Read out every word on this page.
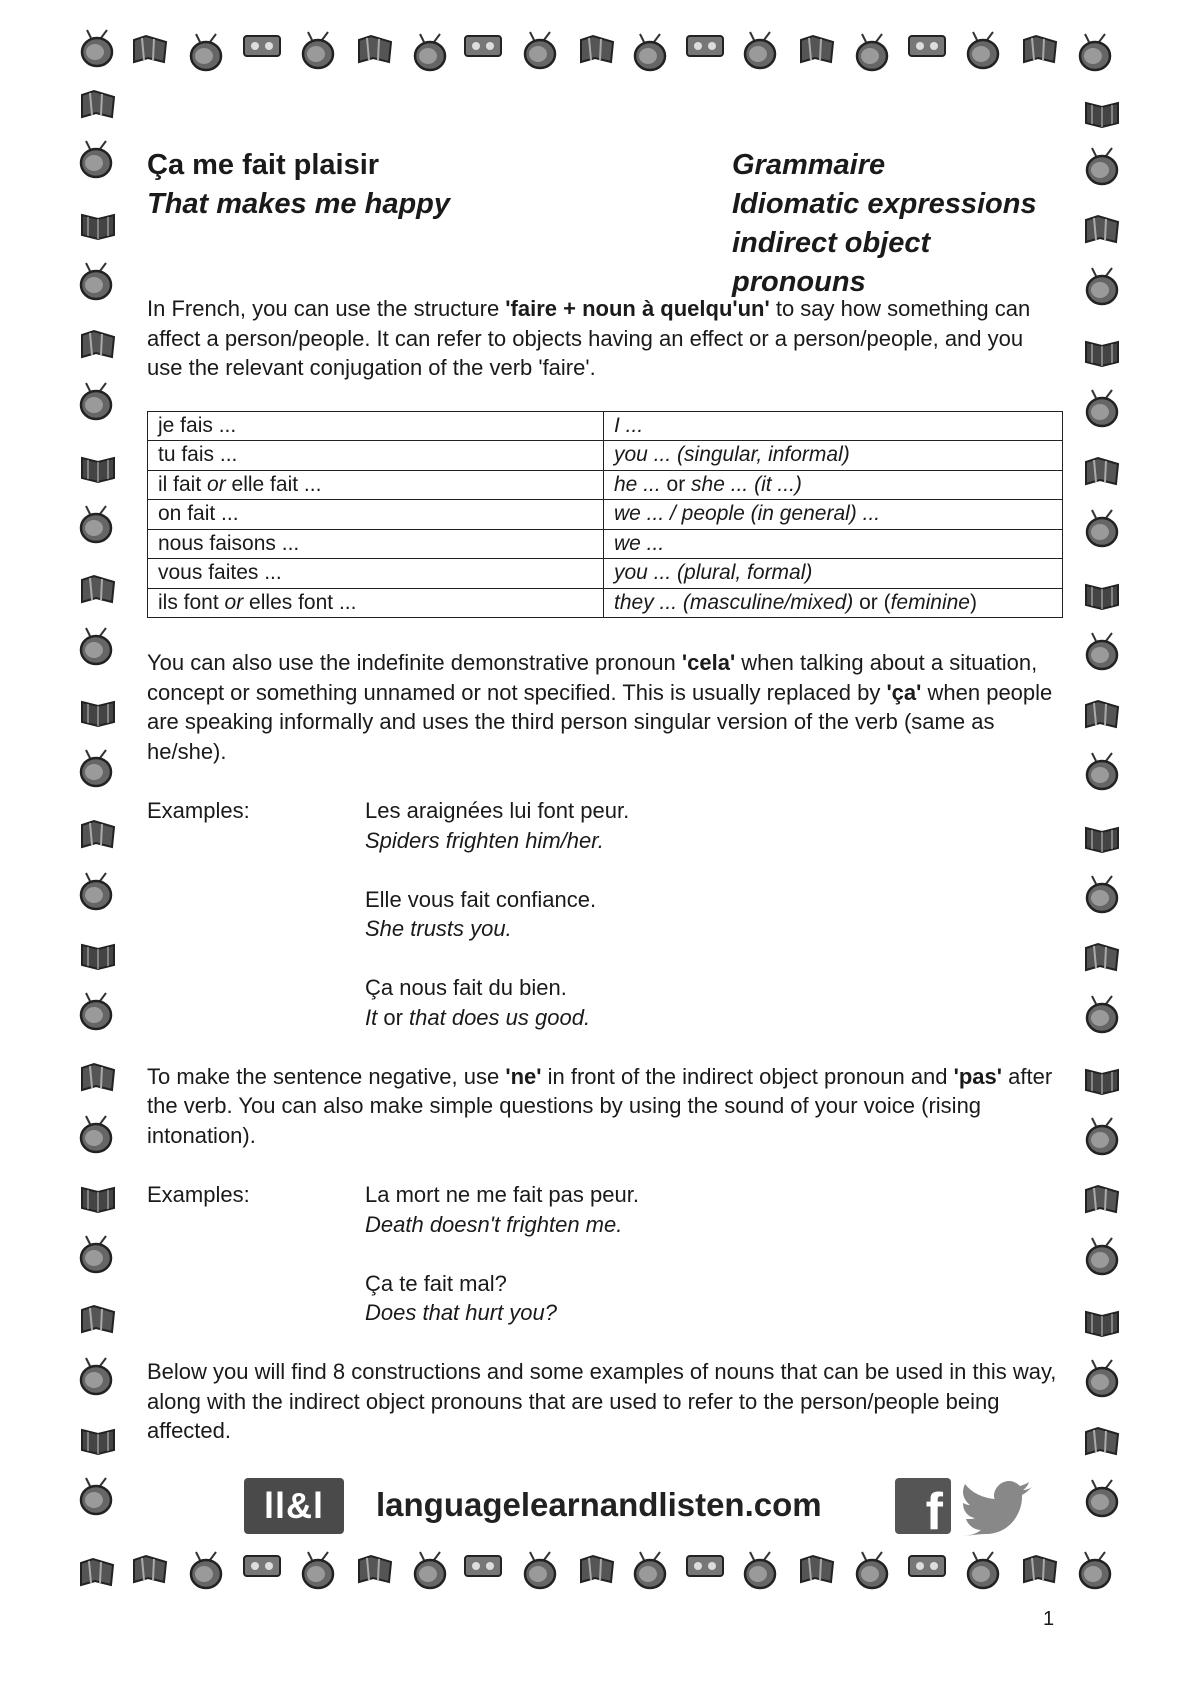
Ça me fait plaisir
That makes me happy
Grammaire
Idiomatic expressions
indirect object pronouns

In French, you can use the structure 'faire + noun à quelqu'un' to say how something can affect a person/people. It can refer to objects having an effect or a person/people, and you use the relevant conjugation of the verb 'faire'.

je fais ...	I ...
tu fais ...	you ... (singular, informal)
il fait or elle fait ...	he ... or she ... (it ...)
on fait ...	we ... / people (in general) ...
nous faisons ...	we ...
vous faites ...	you ... (plural, formal)
ils font or elles font ...	they ... (masculine/mixed) or (feminine)

You can also use the indefinite demonstrative pronoun 'cela' when talking about a situation, concept or something unnamed or not specified. This is usually replaced by 'ça' when people are speaking informally and uses the third person singular version of the verb (same as he/she).

Examples:	Les araignées lui font peur.
Spiders frighten him/her.
Elle vous fait confiance.
She trusts you.
Ça nous fait du bien.
It or that does us good.

To make the sentence negative, use 'ne' in front of the indirect object pronoun and 'pas' after the verb. You can also make simple questions by using the sound of your voice (rising intonation).

Examples:	La mort ne me fait pas peur.
Death doesn't frighten me.
Ça te fait mal?
Does that hurt you?

Below you will find 8 constructions and some examples of nouns that can be used in this way, along with the indirect object pronouns that are used to refer to the person/people being affected.

ll&l	languagelearnandlisten.com f
1
